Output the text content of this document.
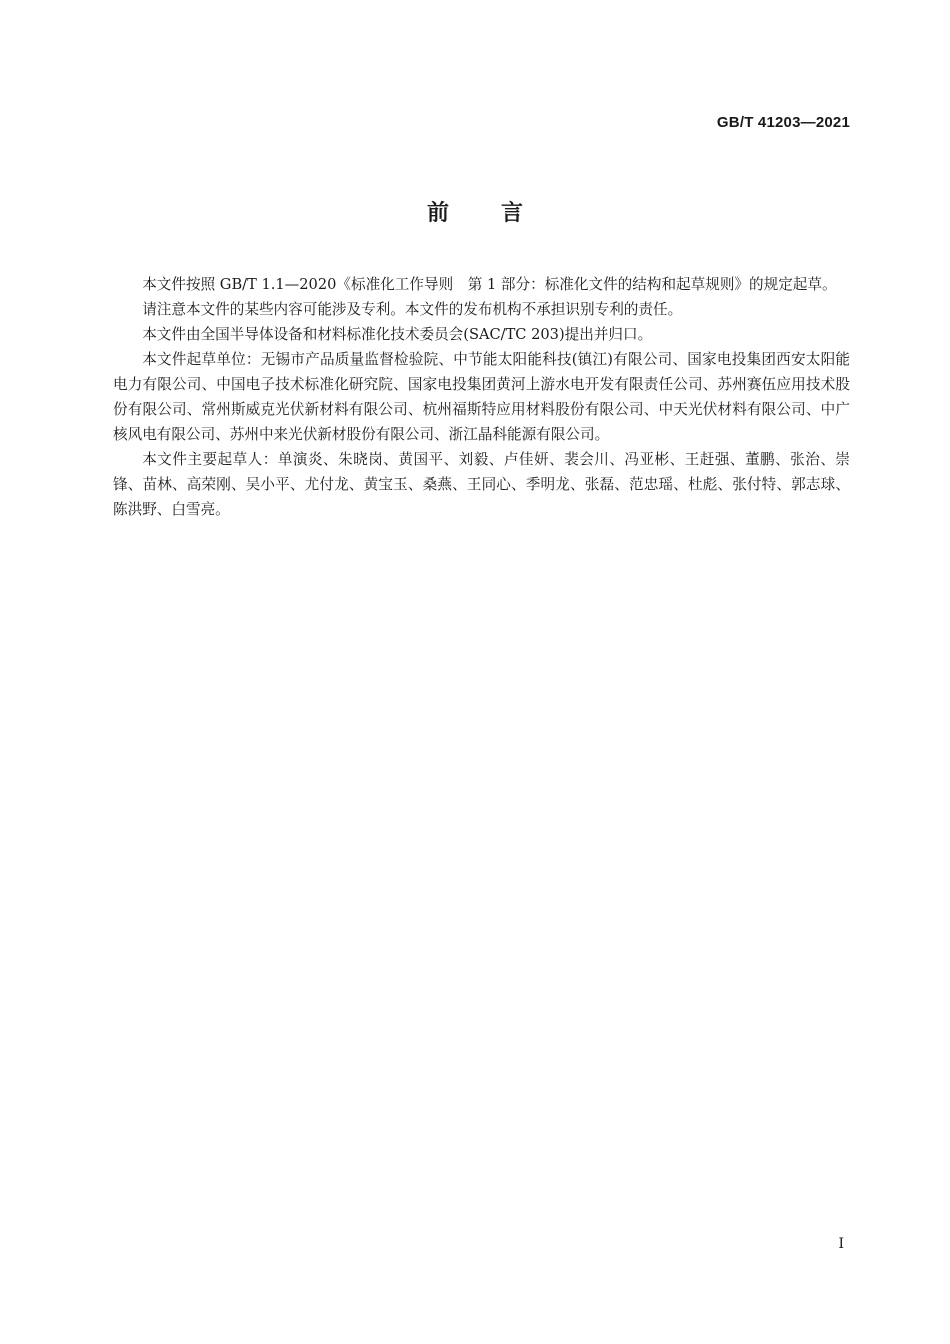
GB/T 41203—2021
前 言

本文件按照 GB/T 1.1—2020《标准化工作导则　第 1 部分：标准化文件的结构和起草规则》的规定起草。

请注意本文件的某些内容可能涉及专利。本文件的发布机构不承担识别专利的责任。

本文件由全国半导体设备和材料标准化技术委员会(SAC/TC 203)提出并归口。

本文件起草单位：无锡市产品质量监督检验院、中节能太阳能科技(镇江)有限公司、国家电投集团西安太阳能电力有限公司、中国电子技术标准化研究院、国家电投集团黄河上游水电开发有限责任公司、苏州赛伍应用技术股份有限公司、常州斯威克光伏新材料有限公司、杭州福斯特应用材料股份有限公司、中天光伏材料有限公司、中广核风电有限公司、苏州中来光伏新材股份有限公司、浙江晶科能源有限公司。

本文件主要起草人：单演炎、朱晓岗、黄国平、刘毅、卢佳妍、裴会川、冯亚彬、王赶强、董鹏、张治、崇锋、苗林、高荣刚、吴小平、尤付龙、黄宝玉、桑燕、王同心、季明龙、张磊、范忠瑶、杜彪、张付特、郭志球、陈洪野、白雪亮。

I
